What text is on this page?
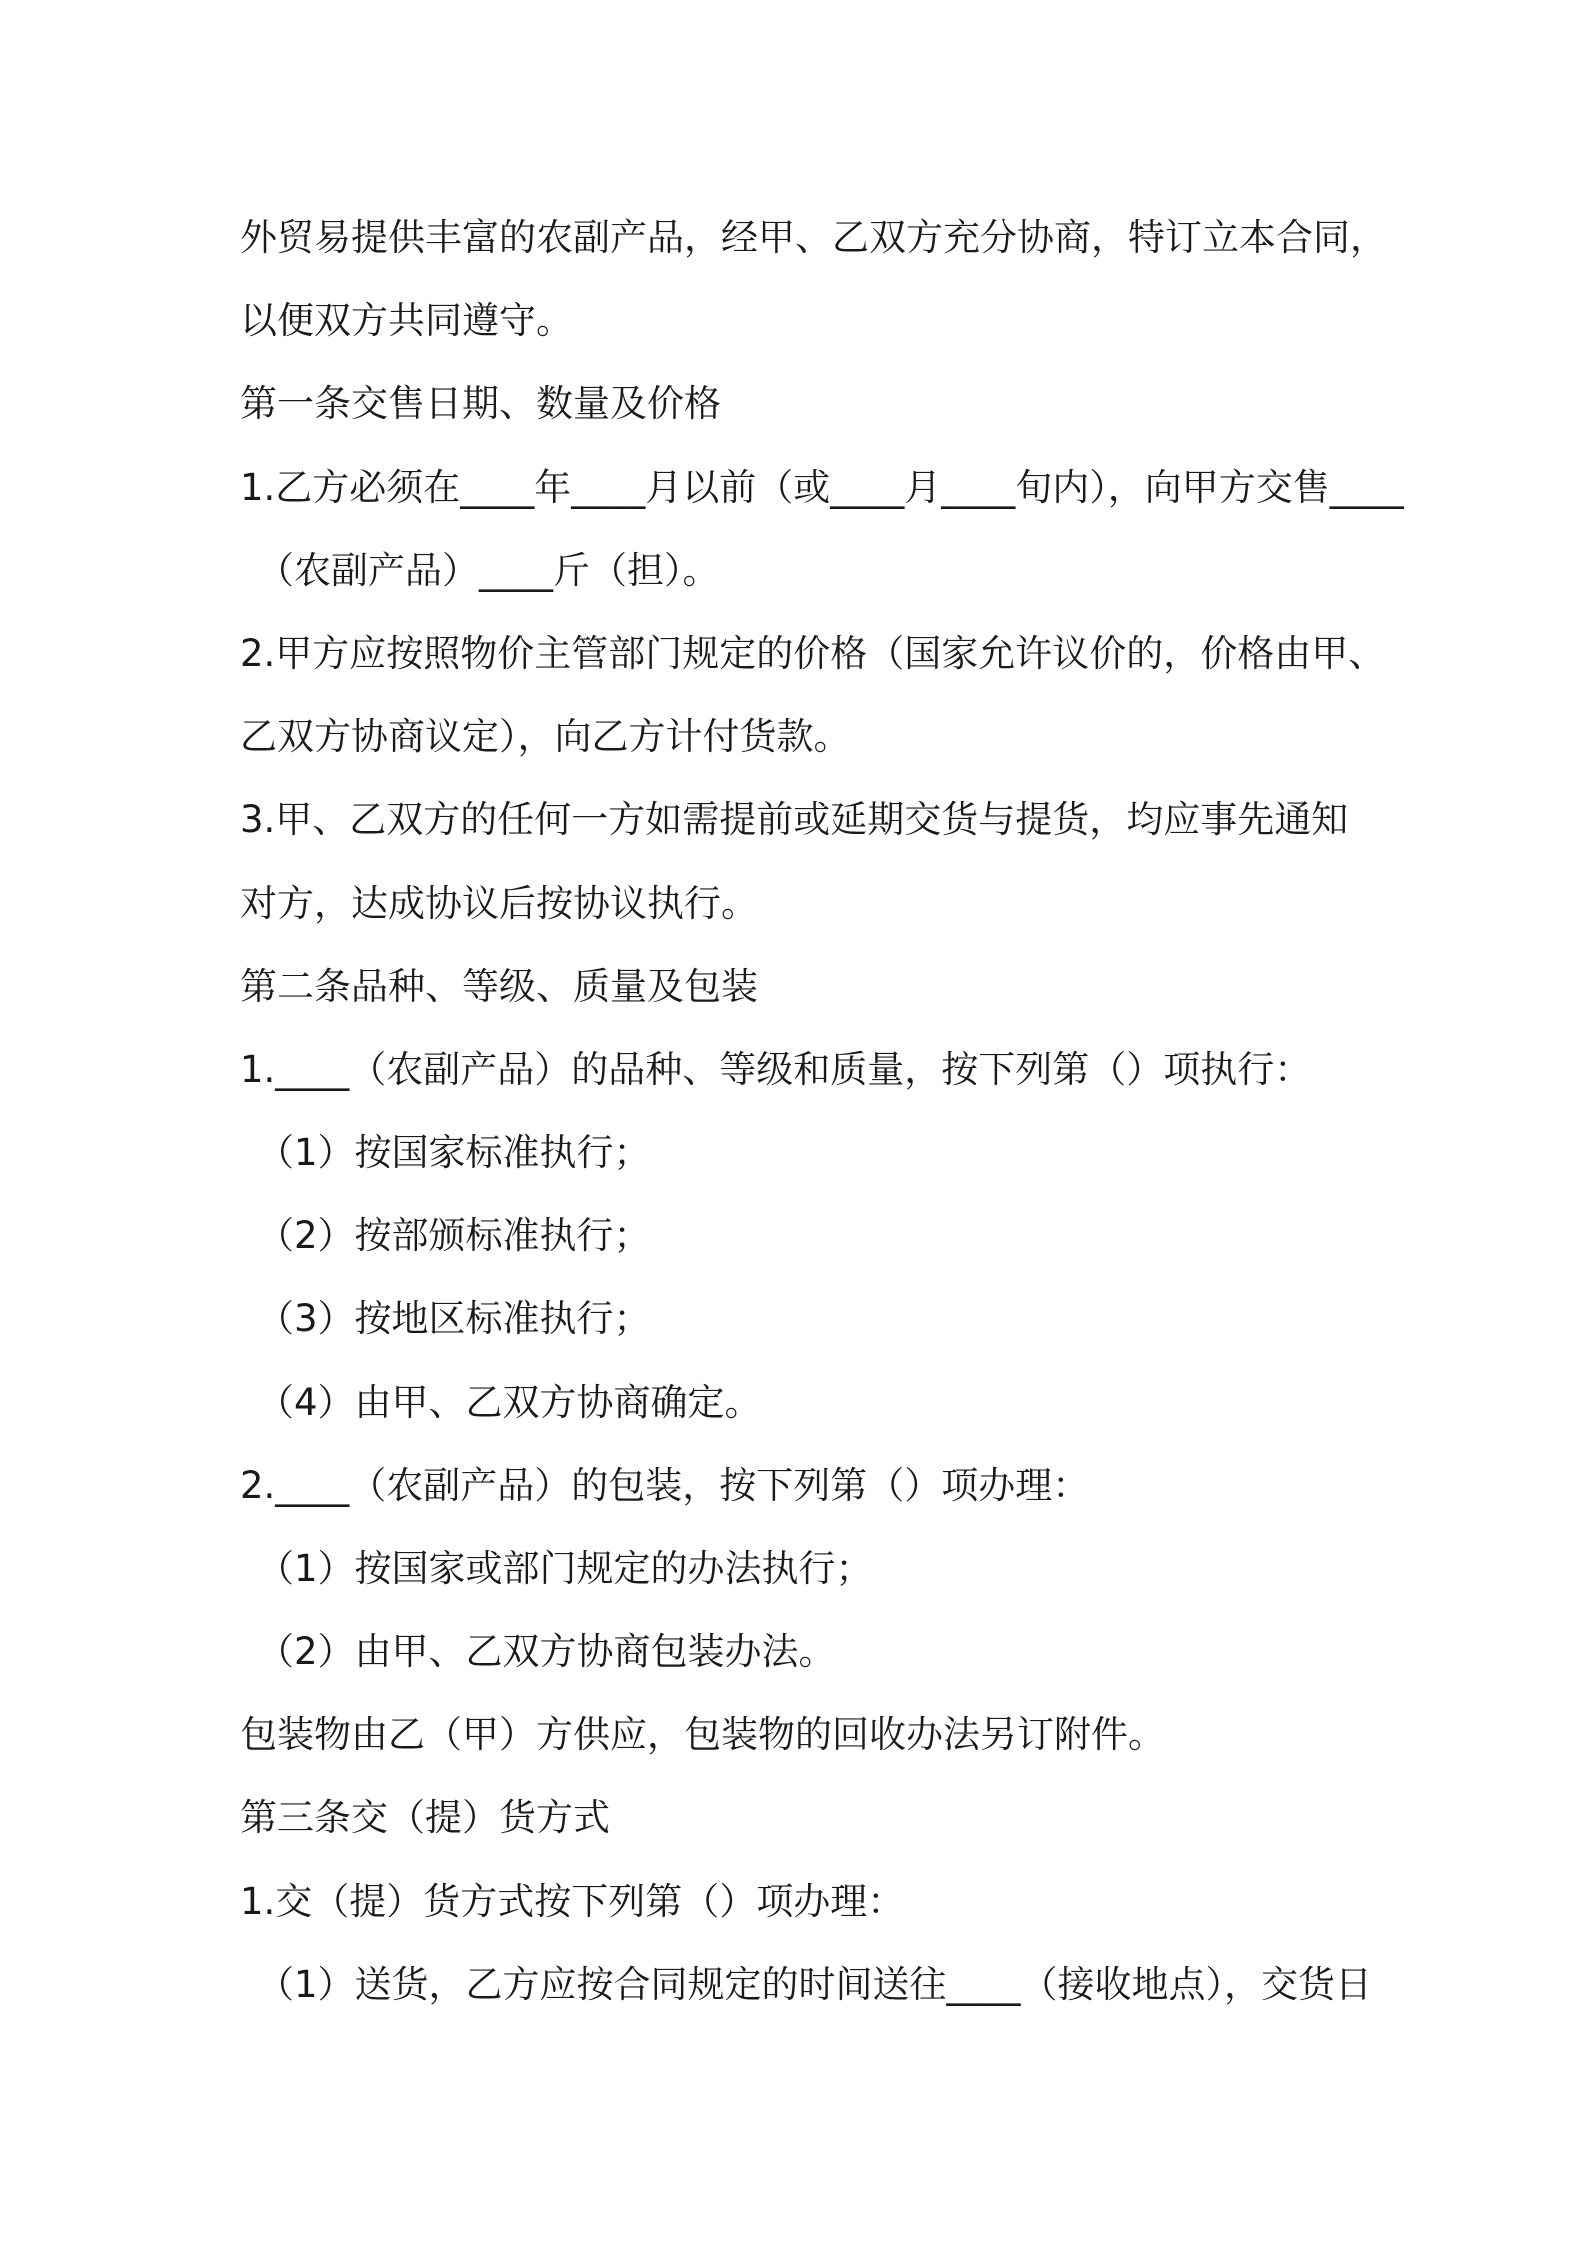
外贸易提供丰富的农副产品，经甲、乙双方充分协商，特订立本合同，

以便双方共同遵守。

第一条交售日期、数量及价格

1.乙方必须在____年____月以前（或____月____旬内），向甲方交售____

（农副产品）____斤（担）。

2.甲方应按照物价主管部门规定的价格（国家允许议价的，价格由甲、

乙双方协商议定），向乙方计付货款。

3.甲、乙双方的任何一方如需提前或延期交货与提货，均应事先通知

对方，达成协议后按协议执行。

第二条品种、等级、质量及包装

1.____（农副产品）的品种、等级和质量，按下列第（）项执行：

（1）按国家标准执行；

（2）按部颁标准执行；

（3）按地区标准执行；

（4）由甲、乙双方协商确定。

2.____（农副产品）的包装，按下列第（）项办理：

（1）按国家或部门规定的办法执行；

（2）由甲、乙双方协商包装办法。

包装物由乙（甲）方供应，包装物的回收办法另订附件。

第三条交（提）货方式

1.交（提）货方式按下列第（）项办理：

（1）送货，乙方应按合同规定的时间送往____（接收地点），交货日
